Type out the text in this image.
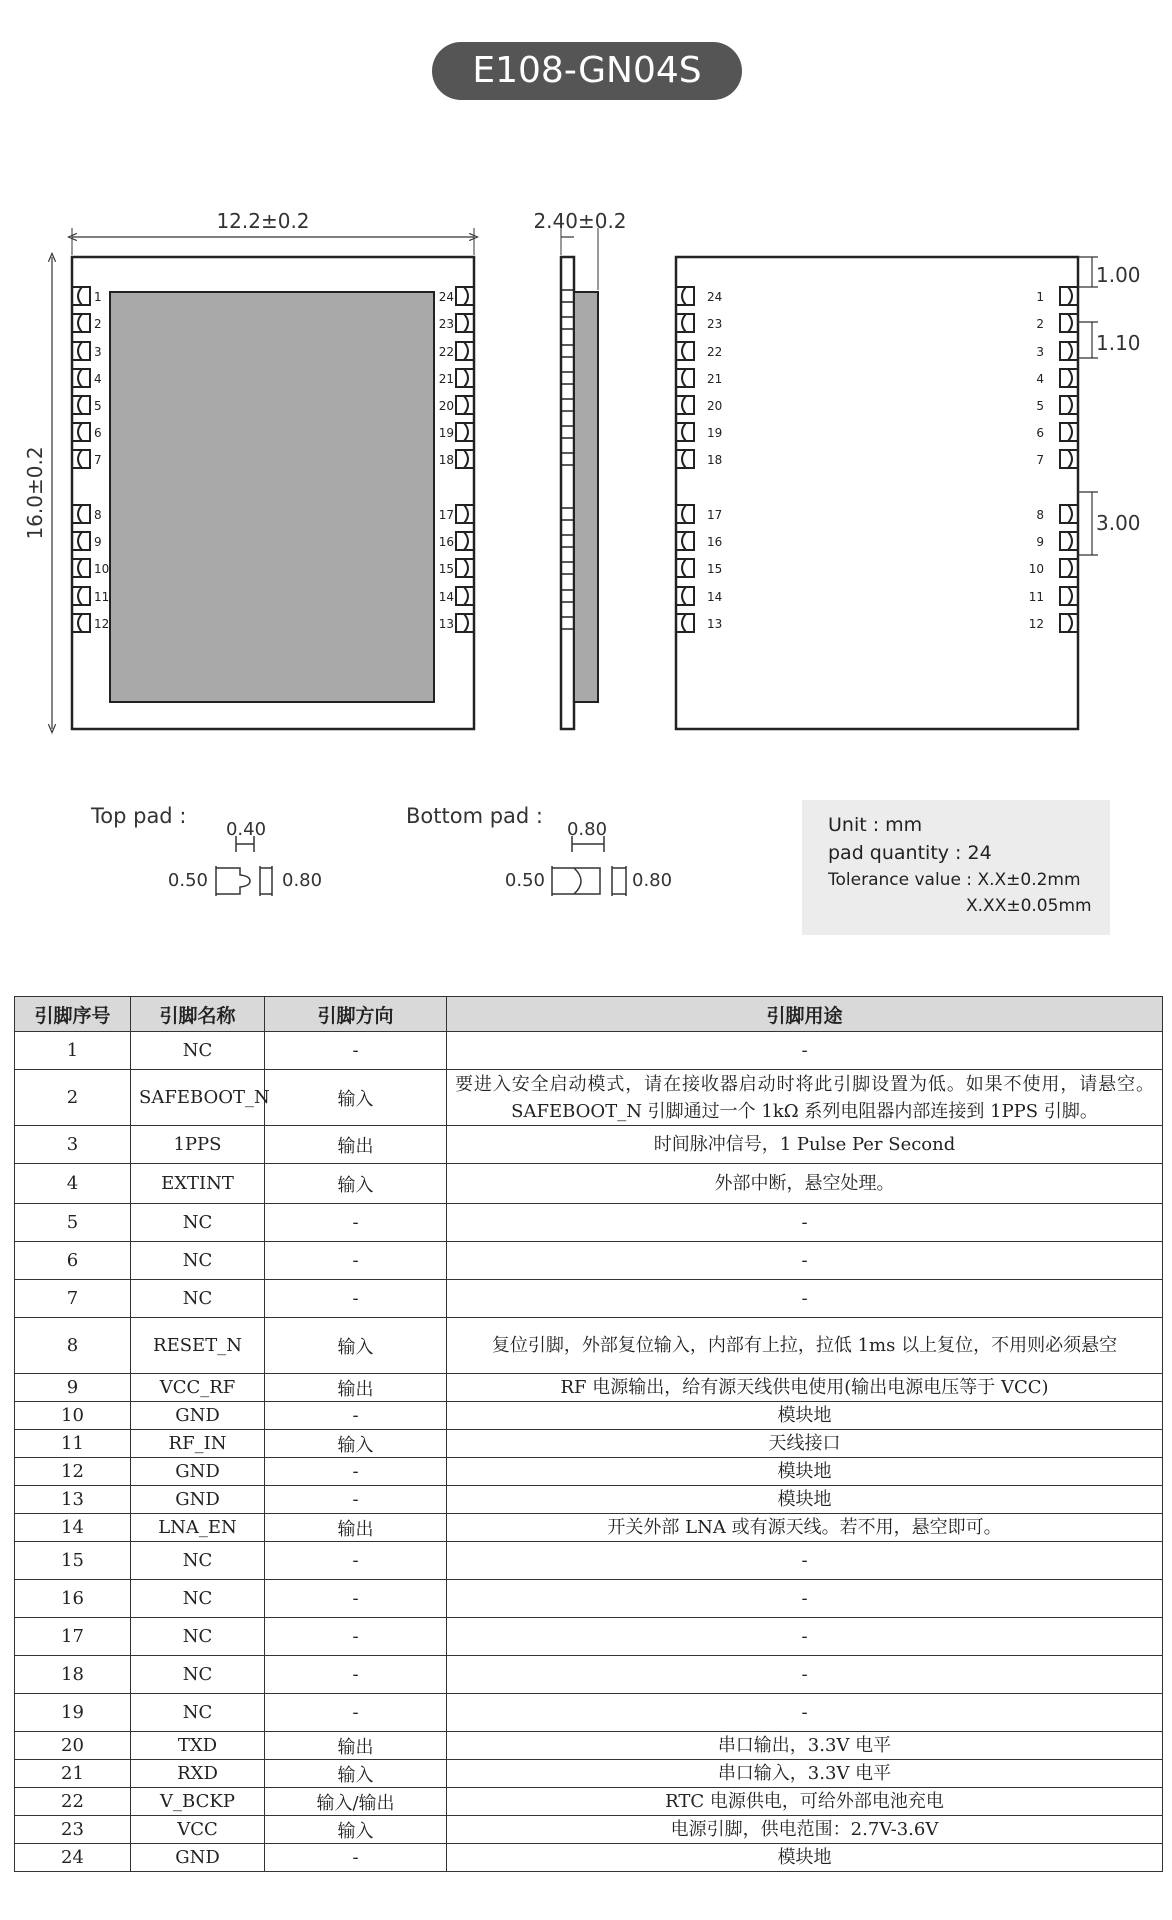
E108-GN04S
1
2
3
4
5
6
7
8
9
10
11
12
24
23
22
21
20
19
18
17
16
15
14
13
12.2±0.2
16.0±0.2
2.40±0.2
24
23
22
21
20
19
18
17
16
15
14
13
1
2
3
4
5
6
7
8
9
10
11
12
1.00
1.10
3.00
Top pad :
0.40
0.50	0.80
Bottom pad :
0.80
0.50	0.80
Unit : mm
pad quantity : 24
Tolerance value : X.X±0.2mm
X.XX±0.05mm
引脚序号	引脚名称	引脚方向	引脚用途
1	NC	-	-
2	SAFEBOOT_N	输入	要进入安全启动模式，请在接收器启动时将此引脚设置为低。如果不使用，请悬空。SAFEBOOT_N 引脚通过一个 1kΩ 系列电阻器内部连接到 1PPS 引脚。
3	1PPS	输出	时间脉冲信号，1 Pulse Per Second
4	EXTINT	输入	外部中断，悬空处理。
5	NC	-	-
6	NC	-	-
7	NC	-	-
8	RESET_N	输入	复位引脚，外部复位输入，内部有上拉，拉低 1ms 以上复位，不用则必须悬空
9	VCC_RF	输出	RF 电源输出，给有源天线供电使用(输出电源电压等于 VCC)
10	GND	-	模块地
11	RF_IN	输入	天线接口
12	GND	-	模块地
13	GND	-	模块地
14	LNA_EN	输出	开关外部 LNA 或有源天线。若不用，悬空即可。
15	NC	-	-
16	NC	-	-
17	NC	-	-
18	NC	-	-
19	NC	-	-
20	TXD	输出	串口输出，3.3V 电平
21	RXD	输入	串口输入，3.3V 电平
22	V_BCKP	输入/输出	RTC 电源供电，可给外部电池充电
23	VCC	输入	电源引脚，供电范围：2.7V-3.6V
24	GND	-	模块地
